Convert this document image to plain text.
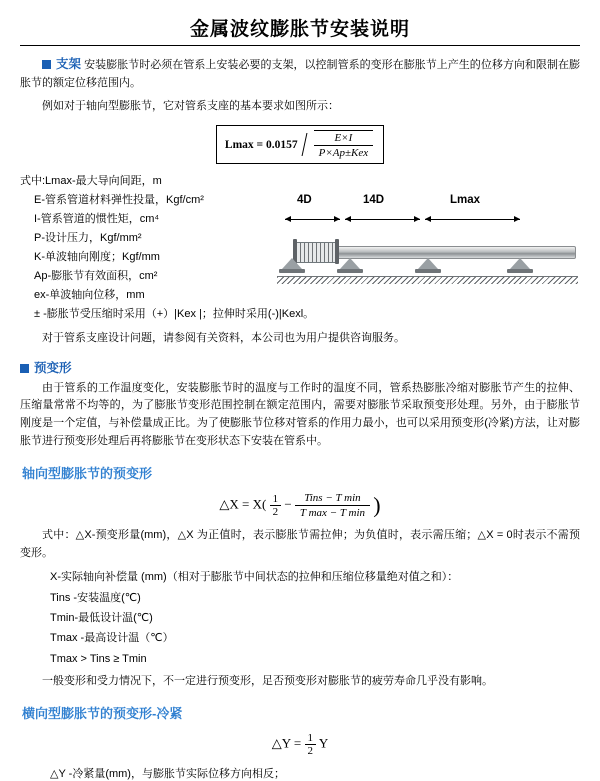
金属波纹膨胀节安装说明

支架 安装膨胀节时必须在管系上安装必要的支架，以控制管系的变形在膨胀节上产生的位移方向和限制在膨胀节的额定位移范围内。

例如对于轴向型膨胀节，它对管系支座的基本要求如图所示：

$Lmax = 0.0157 \frac{E\times I}{\text{P×Ap±Kex}}$
式中:Lmax-最大导向间距，m
E-管系管道材料弹性投量，Kgf/cm²
I-管系管道的惯性矩，cm⁴
P-设计压力，Kgf/mm²
K-单波轴向刚度；Kgf/mm
Ap-膨胀节有效面积，cm²
ex-单波轴向位移，mm
± -膨胀节受压缩时采用（+）|Kex |；拉伸时采用(-)|Kexl。
4D	14D	Lmax

对于管系支座设计问题，请参阅有关资料，本公司也为用户提供咨询服务。

预变形

由于管系的工作温度变化，安装膨胀节时的温度与工作时的温度不同，管系热膨胀冷缩对膨胀节产生的拉伸、压缩量常常不均等的，为了膨胀节变形范围控制在额定范围内，需要对膨胀节采取预变形处理。另外，由于膨胀节刚度是一个定值，与补偿量成正比。为了使膨胀节位移对管系的作用力最小，也可以采用预变形(冷紧)方法，让对膨胀节进行预变形处理后再将膨胀节在变形状态下安装在管系中。

轴向型膨胀节的预变形
△X = $X( \frac{1}{2} - \frac{\text{Tins − T min}}{\text{T max − T min}}$ )

式中：△X-预变形量(mm)，△X 为正值时，表示膨胀节需拉伸；为负值时，表示需压缩；△X = 0时表示不需预变形。

X-实际轴向补偿量 (mm)（相对于膨胀节中间状态的拉伸和压缩位移量绝对值之和）：
Tins -安装温度(℃)
Tmin-最低设计温(℃)
Tmax -最高设计温（℃）
Tmax > Tins ≥ Tmin

一般变形和受力情况下，不一定进行预变形，足否预变形对膨胀节的疲劳寿命几乎没有影响。

横向型膨胀节的预变形-冷紧
△Y = $\frac{1}{2}$ Y
△Y -冷紧量(mm)，与膨胀节实际位移方向相反；
